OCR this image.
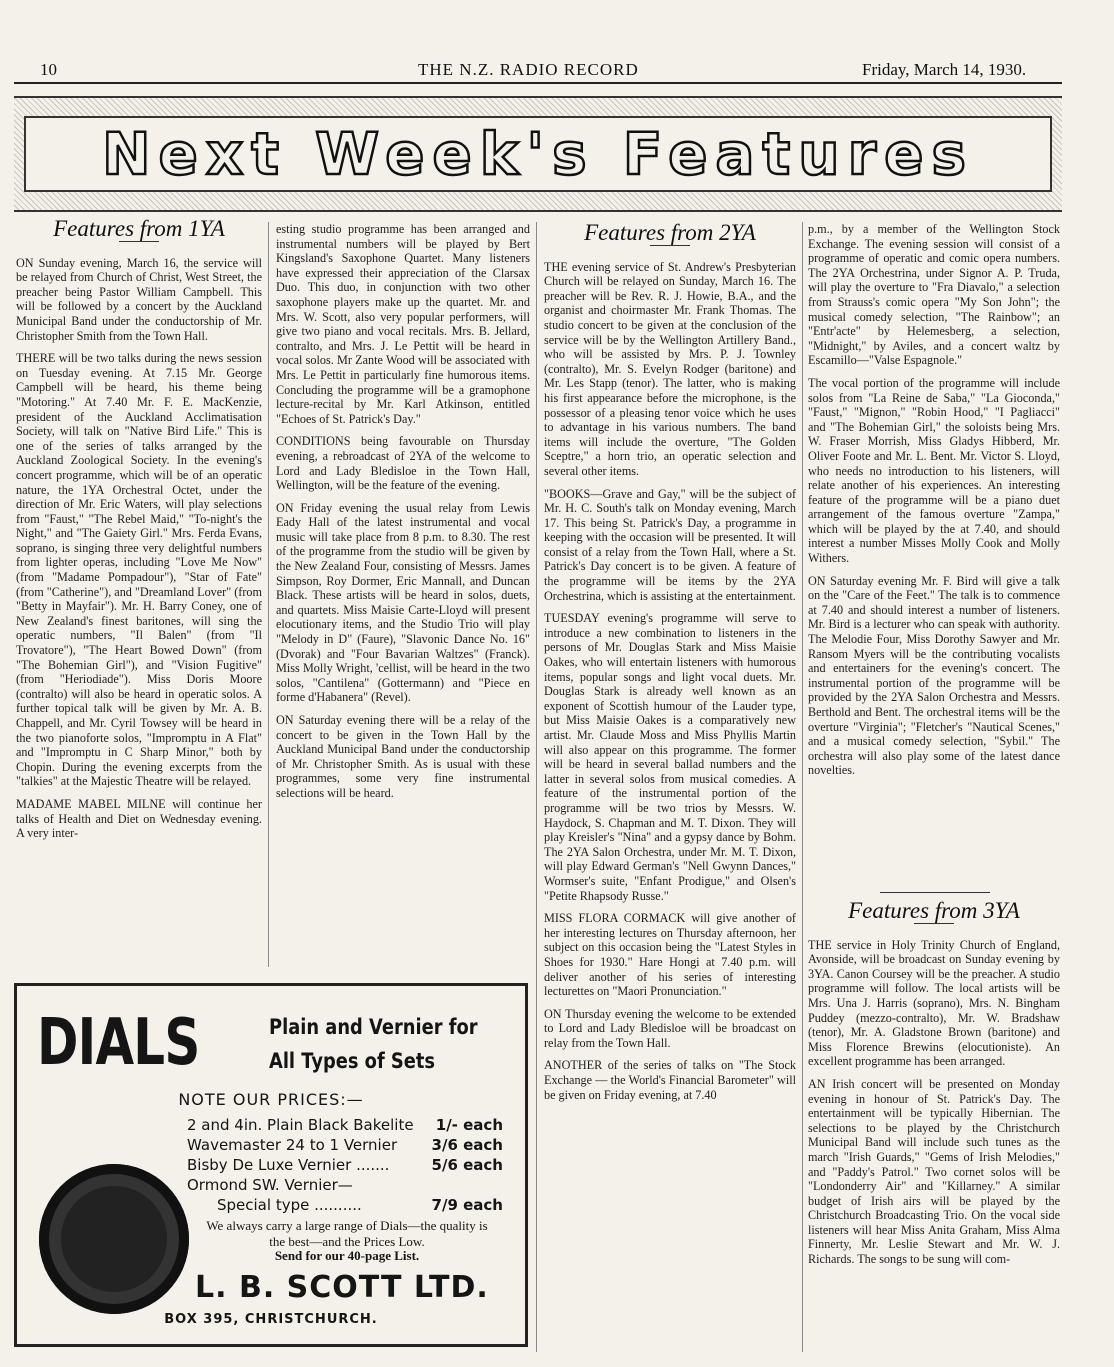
10	THE N.Z. RADIO RECORD	Friday, March 14, 1930.
Next Week's Features
Features from 1YA

ON Sunday evening, March 16, the service will be relayed from Church of Christ, West Street, the preacher being Pastor William Campbell. This will be followed by a concert by the Auckland Municipal Band under the conductorship of Mr. Christopher Smith from the Town Hall.

THERE will be two talks during the news session on Tuesday evening. At 7.15 Mr. George Campbell will be heard, his theme being "Motoring." At 7.40 Mr. F. E. MacKenzie, president of the Auckland Acclimatisation Society, will talk on "Native Bird Life." This is one of the series of talks arranged by the Auckland Zoological Society. In the evening's concert programme, which will be of an operatic nature, the 1YA Orchestral Octet, under the direction of Mr. Eric Waters, will play selections from "Faust," "The Rebel Maid," "To-night's the Night," and "The Gaiety Girl." Mrs. Ferda Evans, soprano, is singing three very delightful numbers from lighter operas, including "Love Me Now" (from "Madame Pompadour"), "Star of Fate" (from "Catherine"), and "Dreamland Lover" (from "Betty in Mayfair"). Mr. H. Barry Coney, one of New Zealand's finest baritones, will sing the operatic numbers, "Il Balen" (from "Il Trovatore"), "The Heart Bowed Down" (from "The Bohemian Girl"), and "Vision Fugitive" (from "Heriodiade"). Miss Doris Moore (contralto) will also be heard in operatic solos. A further topical talk will be given by Mr. A. B. Chappell, and Mr. Cyril Towsey will be heard in the two pianoforte solos, "Impromptu in A Flat" and "Impromptu in C Sharp Minor," both by Chopin. During the evening excerpts from the "talkies" at the Majestic Theatre will be relayed.

MADAME MABEL MILNE will continue her talks of Health and Diet on Wednesday evening. A very inter-

esting studio programme has been arranged and instrumental numbers will be played by Bert Kingsland's Saxophone Quartet. Many listeners have expressed their appreciation of the Clarsax Duo. This duo, in conjunction with two other saxophone players make up the quartet. Mr. and Mrs. W. Scott, also very popular performers, will give two piano and vocal recitals. Mrs. B. Jellard, contralto, and Mrs. J. Le Pettit will be heard in vocal solos. Mr Zante Wood will be associated with Mrs. Le Pettit in particularly fine humorous items. Concluding the programme will be a gramophone lecture-recital by Mr. Karl Atkinson, entitled "Echoes of St. Patrick's Day."

CONDITIONS being favourable on Thursday evening, a rebroadcast of 2YA of the welcome to Lord and Lady Bledisloe in the Town Hall, Wellington, will be the feature of the evening.

ON Friday evening the usual relay from Lewis Eady Hall of the latest instrumental and vocal music will take place from 8 p.m. to 8.30. The rest of the programme from the studio will be given by the New Zealand Four, consisting of Messrs. James Simpson, Roy Dormer, Eric Mannall, and Duncan Black. These artists will be heard in solos, duets, and quartets. Miss Maisie Carte-Lloyd will present elocutionary items, and the Studio Trio will play "Melody in D" (Faure), "Slavonic Dance No. 16" (Dvorak) and "Four Bavarian Waltzes" (Franck). Miss Molly Wright, 'cellist, will be heard in the two solos, "Cantilena" (Gottermann) and "Piece en forme d'Habanera" (Revel).

ON Saturday evening there will be a relay of the concert to be given in the Town Hall by the Auckland Municipal Band under the conductorship of Mr. Christopher Smith. As is usual with these programmes, some very fine instrumental selections will be heard.

Features from 2YA

THE evening service of St. Andrew's Presbyterian Church will be relayed on Sunday, March 16. The preacher will be Rev. R. J. Howie, B.A., and the organist and choirmaster Mr. Frank Thomas. The studio concert to be given at the conclusion of the service will be by the Wellington Artillery Band., who will be assisted by Mrs. P. J. Townley (contralto), Mr. S. Evelyn Rodger (baritone) and Mr. Les Stapp (tenor). The latter, who is making his first appearance before the microphone, is the possessor of a pleasing tenor voice which he uses to advantage in his various numbers. The band items will include the overture, "The Golden Sceptre," a horn trio, an operatic selection and several other items.

"BOOKS—Grave and Gay," will be the subject of Mr. H. C. South's talk on Monday evening, March 17. This being St. Patrick's Day, a programme in keeping with the occasion will be presented. It will consist of a relay from the Town Hall, where a St. Patrick's Day concert is to be given. A feature of the programme will be items by the 2YA Orchestrina, which is assisting at the entertainment.

TUESDAY evening's programme will serve to introduce a new combination to listeners in the persons of Mr. Douglas Stark and Miss Maisie Oakes, who will entertain listeners with humorous items, popular songs and light vocal duets. Mr. Douglas Stark is already well known as an exponent of Scottish humour of the Lauder type, but Miss Maisie Oakes is a comparatively new artist. Mr. Claude Moss and Miss Phyllis Martin will also appear on this programme. The former will be heard in several ballad numbers and the latter in several solos from musical comedies. A feature of the instrumental portion of the programme will be two trios by Messrs. W. Haydock, S. Chapman and M. T. Dixon. They will play Kreisler's "Nina" and a gypsy dance by Bohm. The 2YA Salon Orchestra, under Mr. M. T. Dixon, will play Edward German's "Nell Gwynn Dances," Wormser's suite, "Enfant Prodigue," and Olsen's "Petite Rhapsody Russe."

MISS FLORA CORMACK will give another of her interesting lectures on Thursday afternoon, her subject on this occasion being the "Latest Styles in Shoes for 1930." Hare Hongi at 7.40 p.m. will deliver another of his series of interesting lecturettes on "Maori Pronunciation."

ON Thursday evening the welcome to be extended to Lord and Lady Bledisloe will be broadcast on relay from the Town Hall.

ANOTHER of the series of talks on "The Stock Exchange — the World's Financial Barometer" will be given on Friday evening, at 7.40

p.m., by a member of the Wellington Stock Exchange. The evening session will consist of a programme of operatic and comic opera numbers. The 2YA Orchestrina, under Signor A. P. Truda, will play the overture to "Fra Diavalo," a selection from Strauss's comic opera "My Son John"; the musical comedy selection, "The Rainbow"; an "Entr'acte" by Helemesberg, a selection, "Midnight," by Aviles, and a concert waltz by Escamillo—"Valse Espagnole."

The vocal portion of the programme will include solos from "La Reine de Saba," "La Gioconda," "Faust," "Mignon," "Robin Hood," "I Pagliacci" and "The Bohemian Girl," the soloists being Mrs. W. Fraser Morrish, Miss Gladys Hibberd, Mr. Oliver Foote and Mr. L. Bent. Mr. Victor S. Lloyd, who needs no introduction to his listeners, will relate another of his experiences. An interesting feature of the programme will be a piano duet arrangement of the famous overture "Zampa," which will be played by the at 7.40, and should interest a number Misses Molly Cook and Molly Withers.

ON Saturday evening Mr. F. Bird will give a talk on the "Care of the Feet." The talk is to commence at 7.40 and should interest a number of listeners. Mr. Bird is a lecturer who can speak with authority. The Melodie Four, Miss Dorothy Sawyer and Mr. Ransom Myers will be the contributing vocalists and entertainers for the evening's concert. The instrumental portion of the programme will be provided by the 2YA Salon Orchestra and Messrs. Berthold and Bent. The orchestral items will be the overture "Virginia"; "Fletcher's "Nautical Scenes," and a musical comedy selection, "Sybil." The orchestra will also play some of the latest dance novelties.

Features from 3YA

THE service in Holy Trinity Church of England, Avonside, will be broadcast on Sunday evening by 3YA. Canon Coursey will be the preacher. A studio programme will follow. The local artists will be Mrs. Una J. Harris (soprano), Mrs. N. Bingham Puddey (mezzo-contralto), Mr. W. Bradshaw (tenor), Mr. A. Gladstone Brown (baritone) and Miss Florence Brewins (elocutioniste). An excellent programme has been arranged.

AN Irish concert will be presented on Monday evening in honour of St. Patrick's Day. The entertainment will be typically Hibernian. The selections to be played by the Christchurch Municipal Band will include such tunes as the march "Irish Guards," "Gems of Irish Melodies," and "Paddy's Patrol." Two cornet solos will be "Londonderry Air" and "Killarney." A similar budget of Irish airs will be played by the Christchurch Broadcasting Trio. On the vocal side listeners will hear Miss Anita Graham, Miss Alma Finnerty, Mr. Leslie Stewart and Mr. W. J. Richards. The songs to be sung will com-

DIALS	Plain and Vernier for
All Types of Sets
NOTE OUR PRICES:—
2 and 4in. Plain Black Bakelite 1/- each
Wavemaster 24 to 1 Vernier 3/6 each
Bisby De Luxe Vernier .......	5/6 each
Ormond SW. Vernier—
Special type ..........	7/9 each
We always carry a large range of Dials—the quality is the best—and the Prices Low.
Send for our 40-page List.
L. B. SCOTT LTD.
BOX 395, CHRISTCHURCH.
